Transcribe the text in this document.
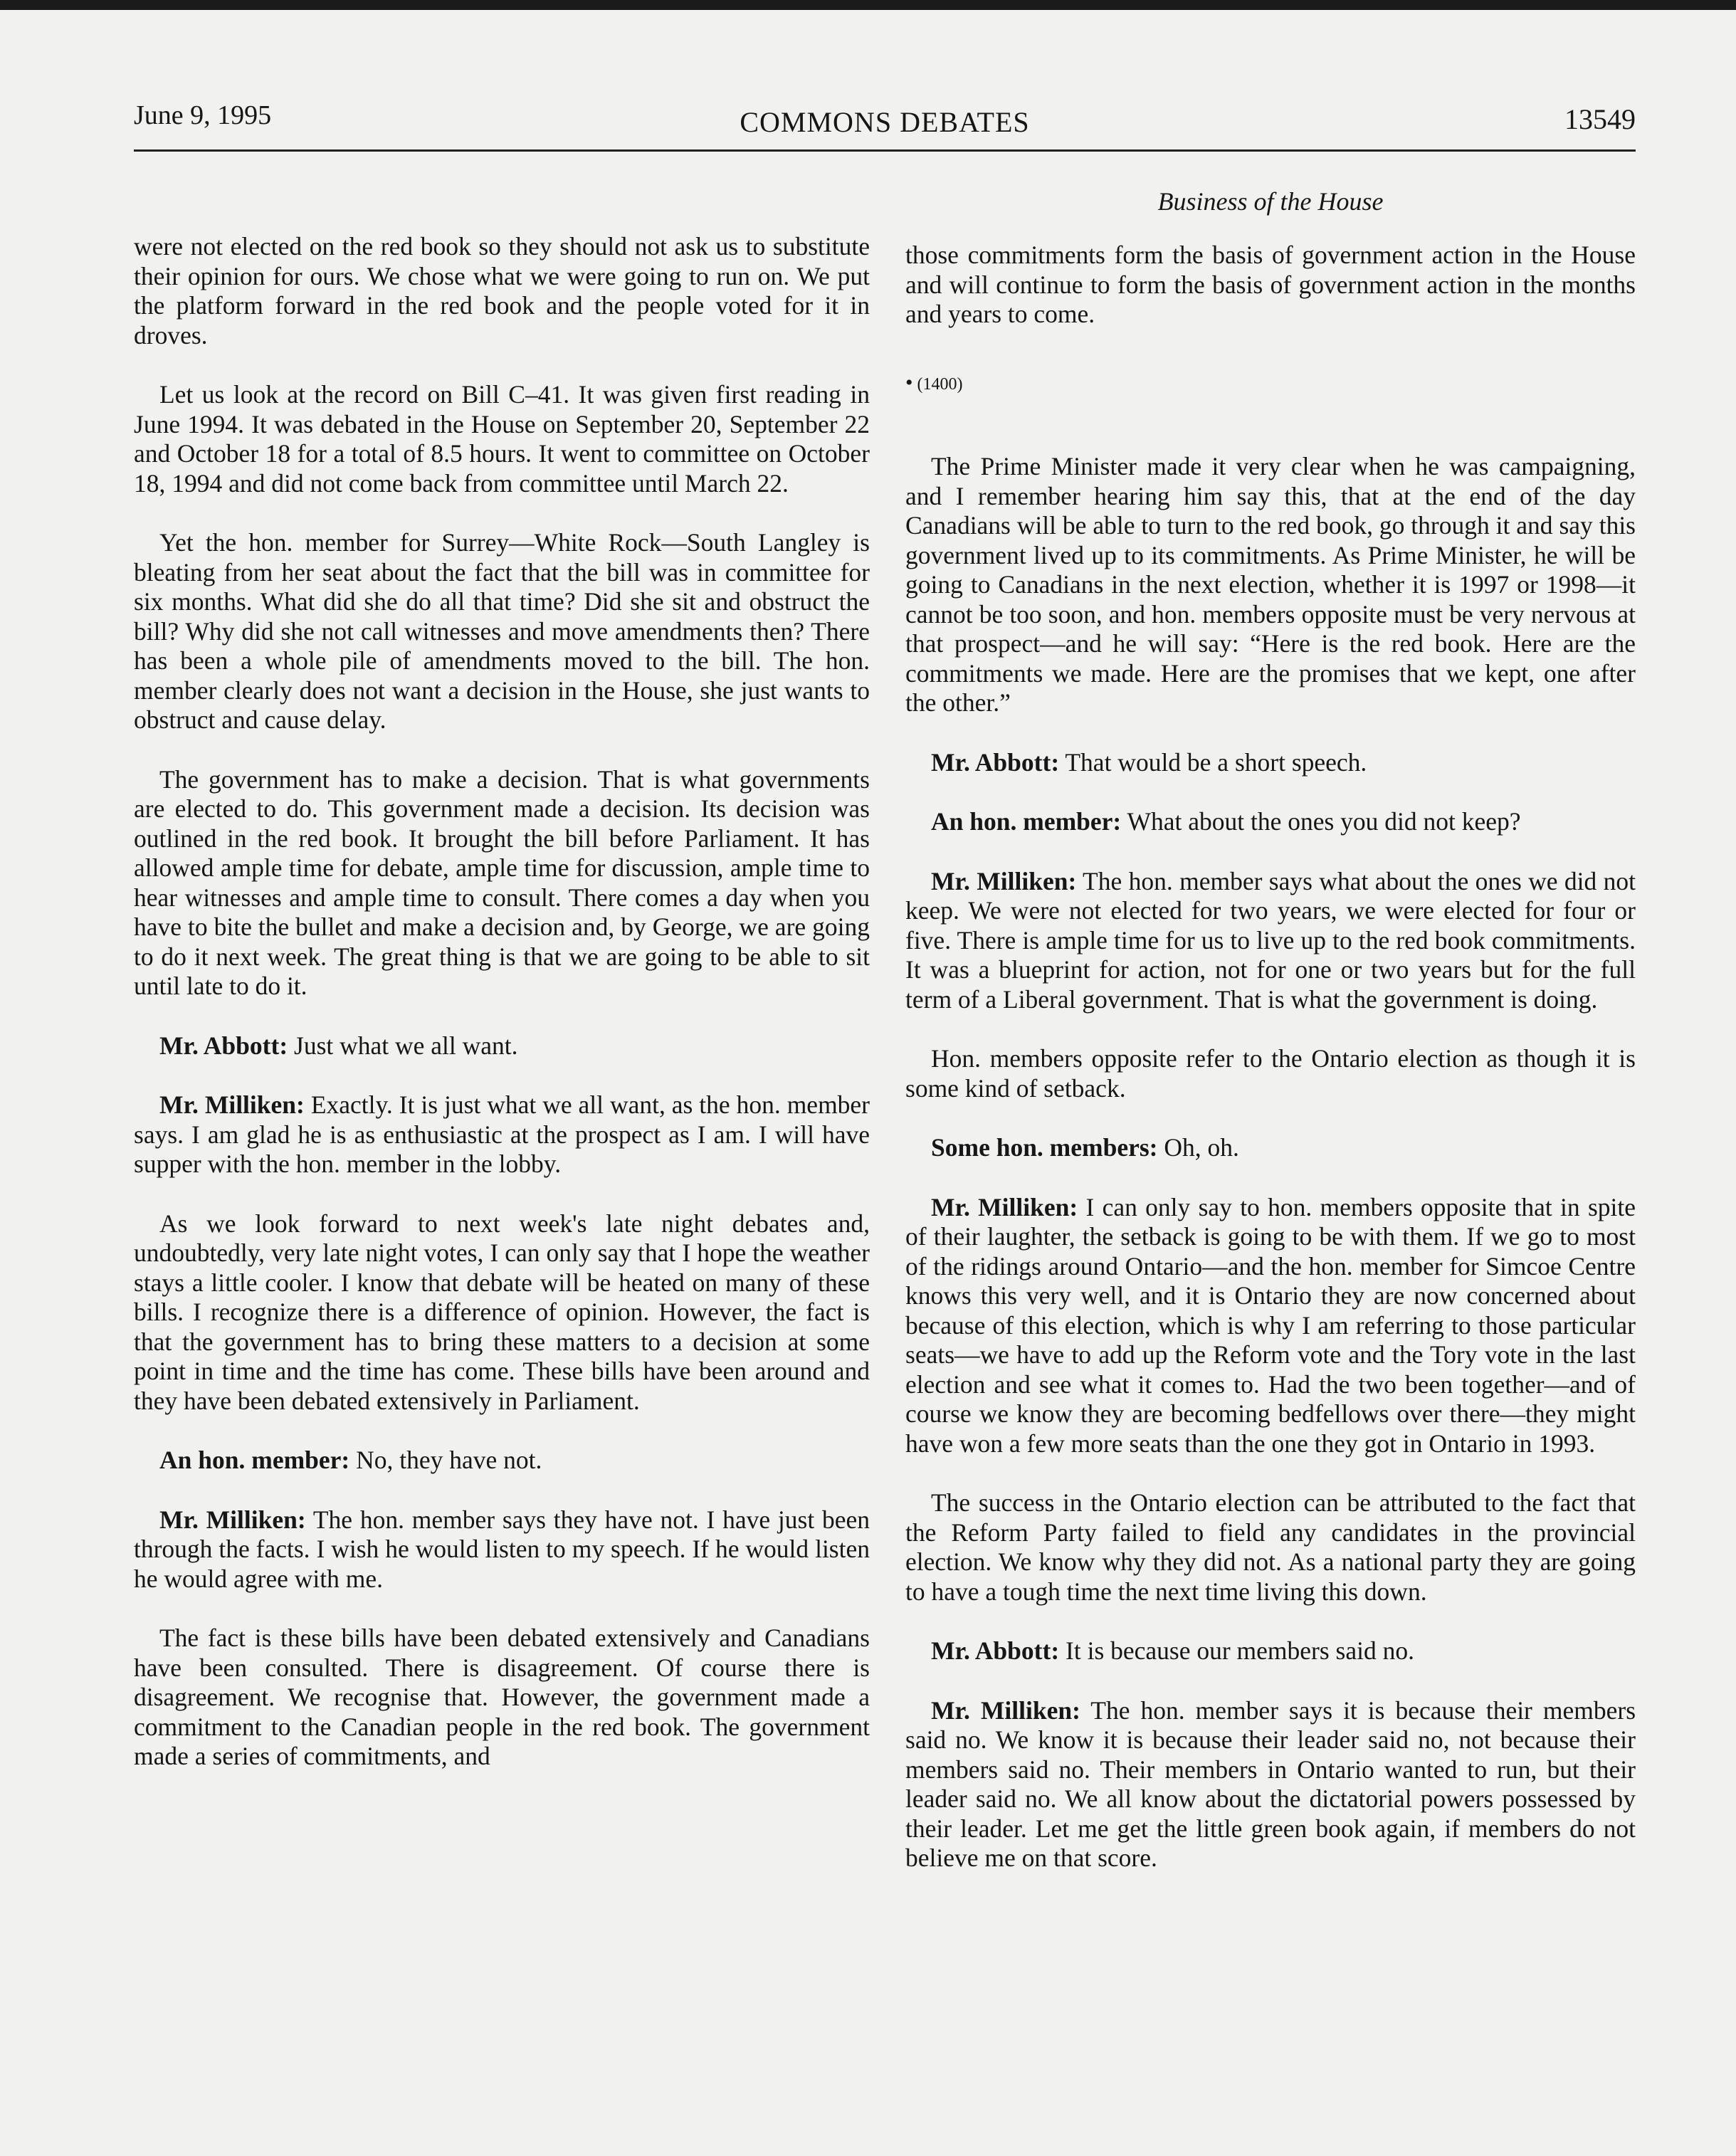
June 9, 1995	COMMONS DEBATES	13549
Business of the House

were not elected on the red book so they should not ask us to substitute their opinion for ours. We chose what we were going to run on. We put the platform forward in the red book and the people voted for it in droves.

Let us look at the record on Bill C–41. It was given first reading in June 1994. It was debated in the House on September 20, September 22 and October 18 for a total of 8.5 hours. It went to committee on October 18, 1994 and did not come back from committee until March 22.

Yet the hon. member for Surrey—White Rock—South Langley is bleating from her seat about the fact that the bill was in committee for six months. What did she do all that time? Did she sit and obstruct the bill? Why did she not call witnesses and move amendments then? There has been a whole pile of amendments moved to the bill. The hon. member clearly does not want a decision in the House, she just wants to obstruct and cause delay.

The government has to make a decision. That is what governments are elected to do. This government made a decision. Its decision was outlined in the red book. It brought the bill before Parliament. It has allowed ample time for debate, ample time for discussion, ample time to hear witnesses and ample time to consult. There comes a day when you have to bite the bullet and make a decision and, by George, we are going to do it next week. The great thing is that we are going to be able to sit until late to do it.

Mr. Abbott: Just what we all want.

Mr. Milliken: Exactly. It is just what we all want, as the hon. member says. I am glad he is as enthusiastic at the prospect as I am. I will have supper with the hon. member in the lobby.

As we look forward to next week's late night debates and, undoubtedly, very late night votes, I can only say that I hope the weather stays a little cooler. I know that debate will be heated on many of these bills. I recognize there is a difference of opinion. However, the fact is that the government has to bring these matters to a decision at some point in time and the time has come. These bills have been around and they have been debated extensively in Parliament.

An hon. member: No, they have not.

Mr. Milliken: The hon. member says they have not. I have just been through the facts. I wish he would listen to my speech. If he would listen he would agree with me.

The fact is these bills have been debated extensively and Canadians have been consulted. There is disagreement. Of course there is disagreement. We recognise that. However, the government made a commitment to the Canadian people in the red book. The government made a series of commitments, and

those commitments form the basis of government action in the House and will continue to form the basis of government action in the months and years to come.

• (1400)

The Prime Minister made it very clear when he was campaigning, and I remember hearing him say this, that at the end of the day Canadians will be able to turn to the red book, go through it and say this government lived up to its commitments. As Prime Minister, he will be going to Canadians in the next election, whether it is 1997 or 1998—it cannot be too soon, and hon. members opposite must be very nervous at that prospect—and he will say: “Here is the red book. Here are the commitments we made. Here are the promises that we kept, one after the other.”

Mr. Abbott: That would be a short speech.

An hon. member: What about the ones you did not keep?

Mr. Milliken: The hon. member says what about the ones we did not keep. We were not elected for two years, we were elected for four or five. There is ample time for us to live up to the red book commitments. It was a blueprint for action, not for one or two years but for the full term of a Liberal government. That is what the government is doing.

Hon. members opposite refer to the Ontario election as though it is some kind of setback.

Some hon. members: Oh, oh.

Mr. Milliken: I can only say to hon. members opposite that in spite of their laughter, the setback is going to be with them. If we go to most of the ridings around Ontario—and the hon. member for Simcoe Centre knows this very well, and it is Ontario they are now concerned about because of this election, which is why I am referring to those particular seats—we have to add up the Reform vote and the Tory vote in the last election and see what it comes to. Had the two been together—and of course we know they are becoming bedfellows over there—they might have won a few more seats than the one they got in Ontario in 1993.

The success in the Ontario election can be attributed to the fact that the Reform Party failed to field any candidates in the provincial election. We know why they did not. As a national party they are going to have a tough time the next time living this down.

Mr. Abbott: It is because our members said no.

Mr. Milliken: The hon. member says it is because their members said no. We know it is because their leader said no, not because their members said no. Their members in Ontario wanted to run, but their leader said no. We all know about the dictatorial powers possessed by their leader. Let me get the little green book again, if members do not believe me on that score.
